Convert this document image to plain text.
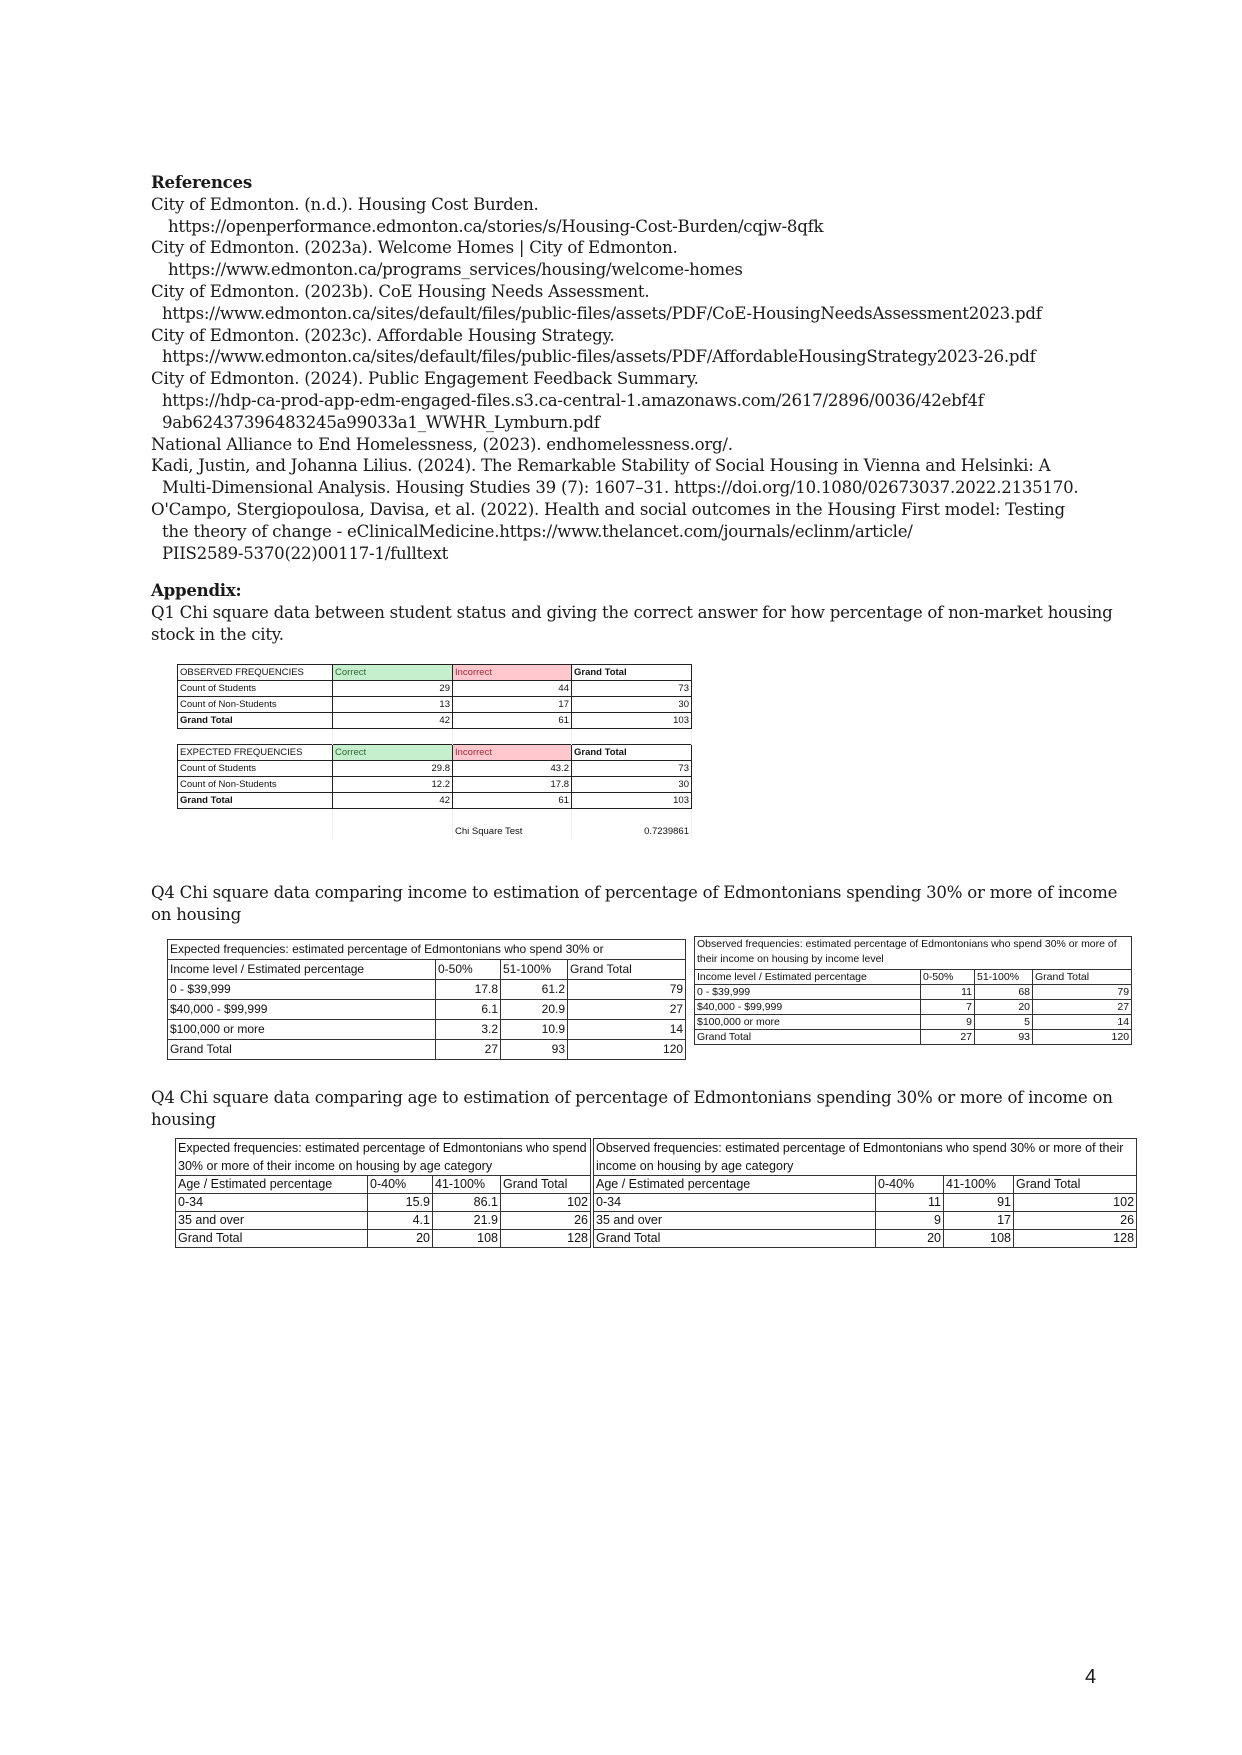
References
City of Edmonton. (n.d.). Housing Cost Burden.
https://openperformance.edmonton.ca/stories/s/Housing-Cost-Burden/cqjw-8qfk
City of Edmonton. (2023a). Welcome Homes | City of Edmonton.
https://www.edmonton.ca/programs_services/housing/welcome-homes
City of Edmonton. (2023b). CoE Housing Needs Assessment.
https://www.edmonton.ca/sites/default/files/public-files/assets/PDF/CoE-HousingNeedsAssessment2023.pdf
City of Edmonton. (2023c). Affordable Housing Strategy.
https://www.edmonton.ca/sites/default/files/public-files/assets/PDF/AffordableHousingStrategy2023-26.pdf
City of Edmonton. (2024). Public Engagement Feedback Summary.
https://hdp-ca-prod-app-edm-engaged-files.s3.ca-central-1.amazonaws.com/2617/2896/0036/42ebf4f
9ab62437396483245a99033a1_WWHR_Lymburn.pdf
National Alliance to End Homelessness, (2023). endhomelessness.org/.
Kadi, Justin, and Johanna Lilius. (2024). The Remarkable Stability of Social Housing in Vienna and Helsinki: A
Multi-Dimensional Analysis. Housing Studies 39 (7): 1607–31. https://doi.org/10.1080/02673037.2022.2135170.
O'Campo, Stergiopoulosa, Davisa, et al. (2022). Health and social outcomes in the Housing First model: Testing
the theory of change - eClinicalMedicine.https://www.thelancet.com/journals/eclinm/article/
PIIS2589-5370(22)00117-1/fulltext
Appendix:
Q1 Chi square data between student status and giving the correct answer for how percentage of non-market housing
stock in the city.
OBSERVED FREQUENCIES	Correct	Incorrect	Grand Total
Count of Students	29	44	73
Count of Non-Students	13	17	30
Grand Total	42	61	103

EXPECTED FREQUENCIES	Correct	Incorrect	Grand Total
Count of Students	29.8	43.2	73
Count of Non-Students	12.2	17.8	30
Grand Total	42	61	103

		Chi Square Test	0.7239861
Q4 Chi square data comparing income to estimation of percentage of Edmontonians spending 30% or more of income
on housing
Expected frequencies: estimated percentage of Edmontonians who spend 30% or			
Income level / Estimated percentage	0-50%	51-100%	Grand Total
0 - $39,999	17.8	61.2	79
$40,000 - $99,999	6.1	20.9	27
$100,000 or more	3.2	10.9	14
Grand Total	27	93	120
Observed frequencies: estimated percentage of Edmontonians who spend 30% or more of their income on housing by income level			
Income level / Estimated percentage	0-50%	51-100%	Grand Total
0 - $39,999	11	68	79
$40,000 - $99,999	7	20	27
$100,000 or more	9	5	14
Grand Total	27	93	120
Q4 Chi square data comparing age to estimation of percentage of Edmontonians spending 30% or more of income on
housing
Expected frequencies: estimated percentage of Edmontonians who spend 30% or more of their income on housing by age category			
Age / Estimated percentage	0-40%	41-100%	Grand Total
0-34	15.9	86.1	102
35 and over	4.1	21.9	26
Grand Total	20	108	128
Observed frequencies: estimated percentage of Edmontonians who spend 30% or more of their income on housing by age category			
Age / Estimated percentage	0-40%	41-100%	Grand Total
0-34	11	91	102
35 and over	9	17	26
Grand Total	20	108	128
4
